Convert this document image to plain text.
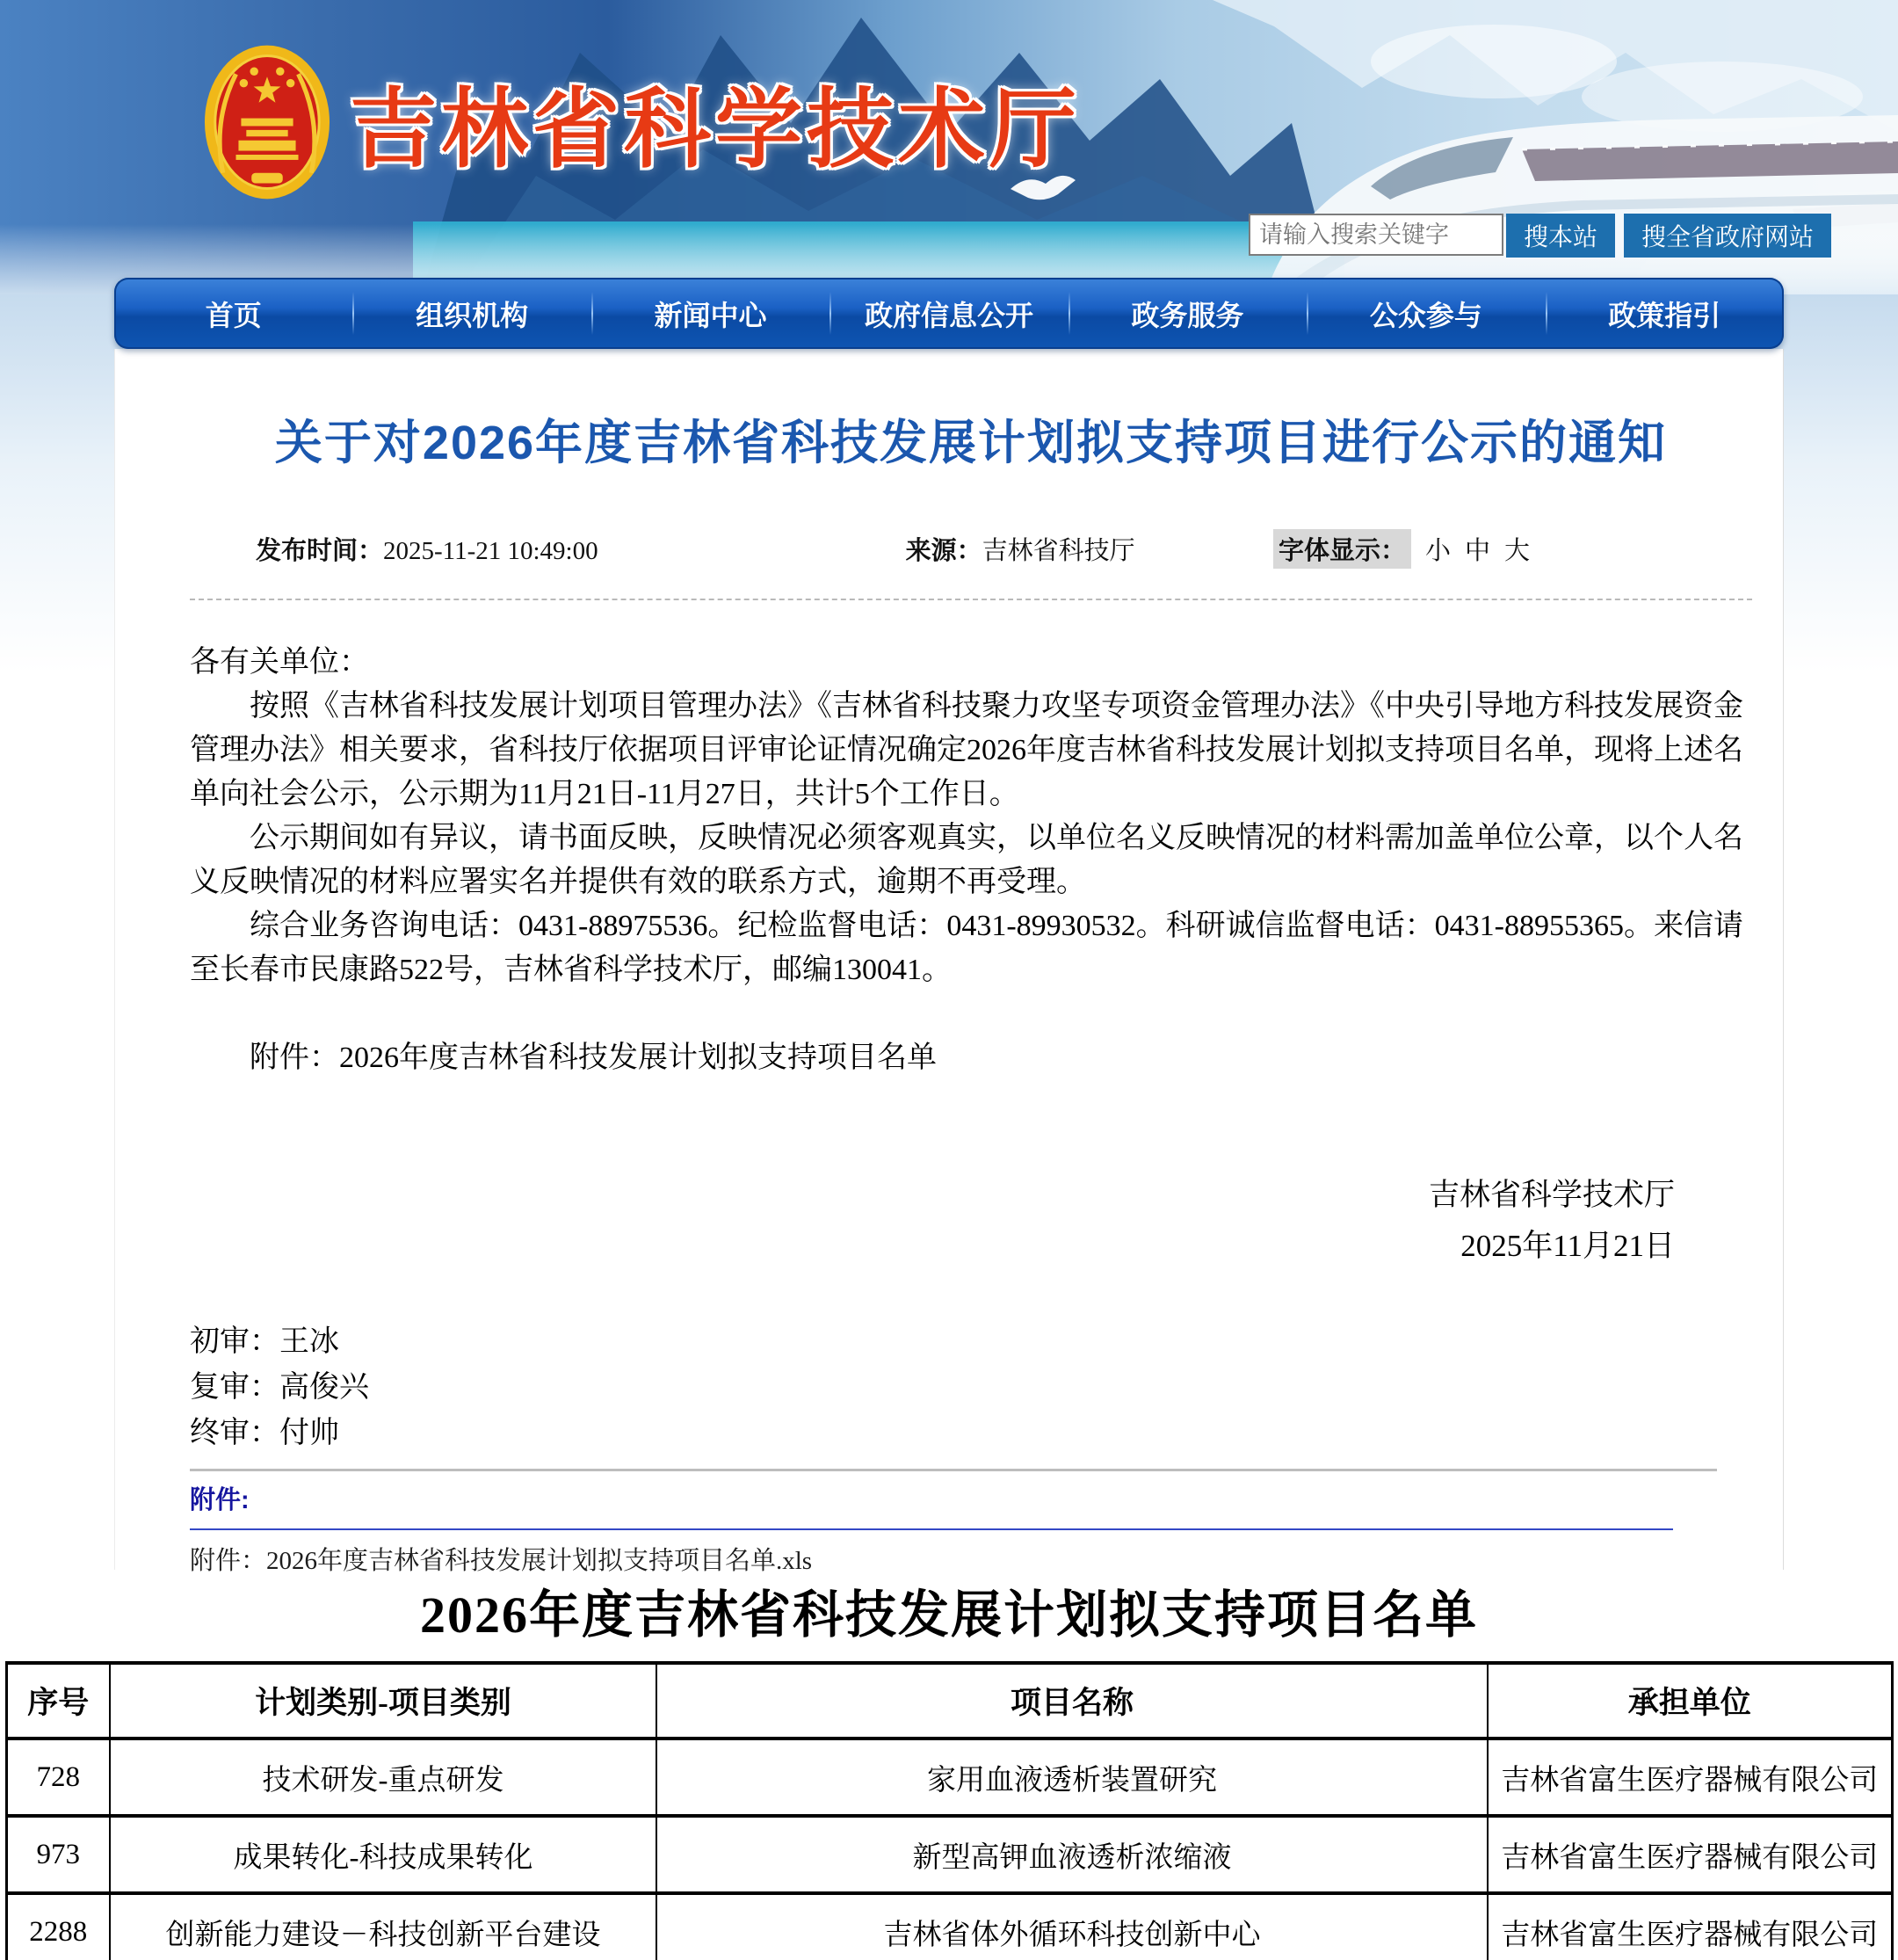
吉林省科学技术厅
请输入搜索关键字
搜本站	搜全省政府网站
首页	组织机构	新闻中心	政府信息公开	政务服务	公众参与	政策指引
关于对2026年度吉林省科技发展计划拟支持项目进行公示的通知
发布时间：2025-11-21 10:49:00	来源：吉林省科技厅	字体显示： 小 中 大

各有关单位：

按照《吉林省科技发展计划项目管理办法》《吉林省科技聚力攻坚专项资金管理办法》《中央引导地方科技发展资金管理办法》相关要求，省科技厅依据项目评审论证情况确定2026年度吉林省科技发展计划拟支持项目名单，现将上述名单向社会公示，公示期为11月21日-11月27日，共计5个工作日。

公示期间如有异议，请书面反映，反映情况必须客观真实，以单位名义反映情况的材料需加盖单位公章，以个人名义反映情况的材料应署实名并提供有效的联系方式，逾期不再受理。

综合业务咨询电话：0431-88975536。纪检监督电话：0431-89930532。科研诚信监督电话：0431-88955365。来信请至长春市民康路522号，吉林省科学技术厅，邮编130041。

附件：2026年度吉林省科技发展计划拟支持项目名单
吉林省科学技术厅
2025年11月21日
初审：王冰
复审：高俊兴
终审：付帅
附件:
附件：2026年度吉林省科技发展计划拟支持项目名单.xls
2026年度吉林省科技发展计划拟支持项目名单
序号	计划类别-项目类别	项目名称	承担单位
728	技术研发-重点研发	家用血液透析装置研究	吉林省富生医疗器械有限公司
973	成果转化-科技成果转化	新型高钾血液透析浓缩液	吉林省富生医疗器械有限公司
2288	创新能力建设－科技创新平台建设	吉林省体外循环科技创新中心	吉林省富生医疗器械有限公司
